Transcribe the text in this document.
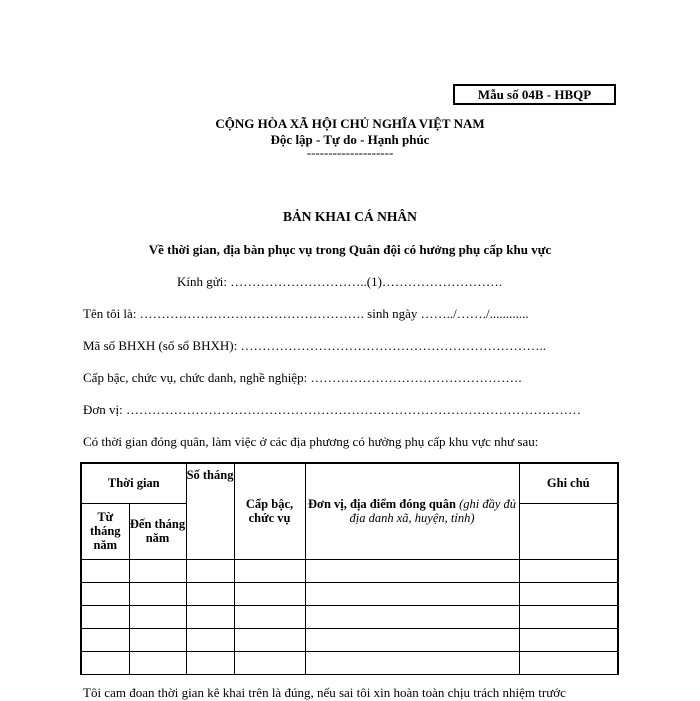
Mẫu số 04B - HBQP
CỘNG HÒA XÃ HỘI CHỦ NGHĨA VIỆT NAM
Độc lập - Tự do - Hạnh phúc
--------------------
BẢN KHAI CÁ NHÂN
Về thời gian, địa bàn phục vụ trong Quân đội có hưởng phụ cấp khu vực
Kính gửi: …………………………..(1)……………………….
Tên tôi là: ……………………………………………. sinh ngày ……../……./............
Mã số BHXH (số sổ BHXH): ……………………………………………………………..
Cấp bậc, chức vụ, chức danh, nghề nghiệp: ………………………………………….
Đơn vị: ……………………………………………………………………………………………
Có thời gian đóng quân, làm việc ở các địa phương có hưởng phụ cấp khu vực như sau:
Thời gian		Số tháng	Cấp bậc, chức vụ	Đơn vị, địa điểm đóng quân (ghi đầy đủ địa danh xã, huyện, tỉnh)	Ghi chú
Từ tháng năm	Đến tháng năm				

Tôi cam đoan thời gian kê khai trên là đúng, nếu sai tôi xin hoàn toàn chịu trách nhiệm trước
